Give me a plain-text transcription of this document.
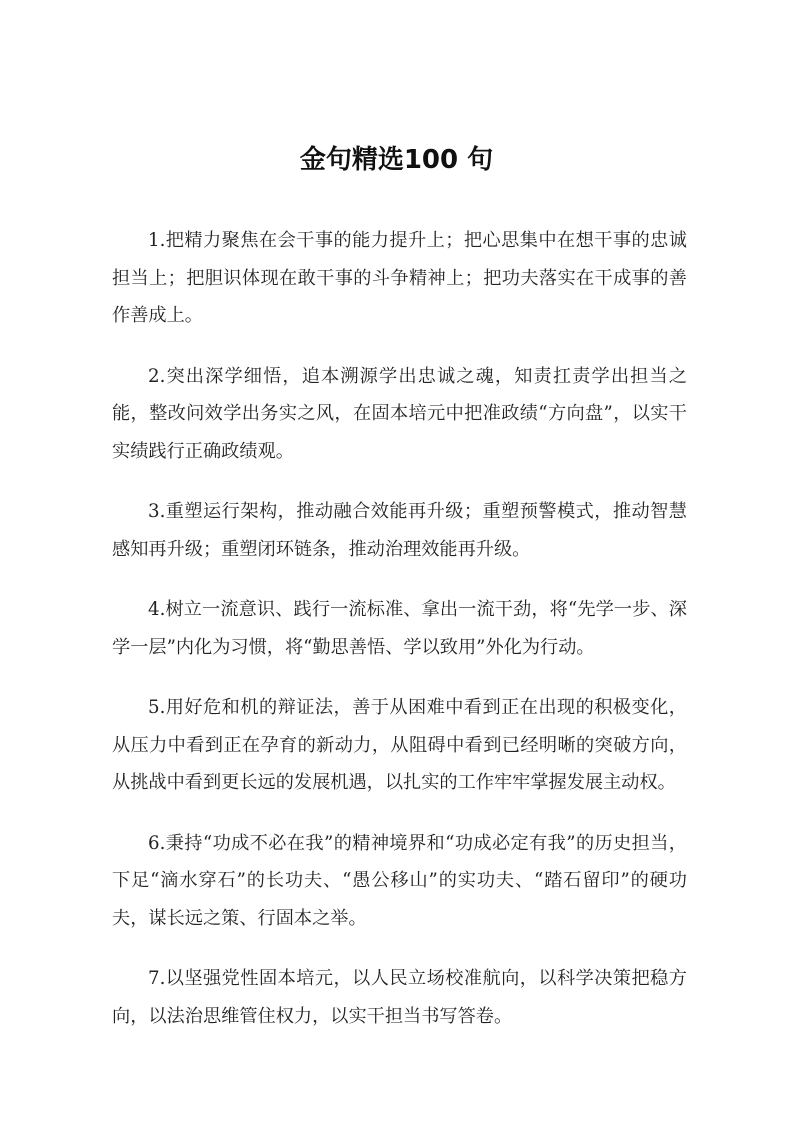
金句精选100 句

1.把精力聚焦在会干事的能力提升上；把心思集中在想干事的忠诚担当上；把胆识体现在敢干事的斗争精神上；把功夫落实在干成事的善作善成上。

2.突出深学细悟，追本溯源学出忠诚之魂，知责扛责学出担当之能，整改问效学出务实之风，在固本培元中把准政绩“方向盘”，以实干实绩践行正确政绩观。

3.重塑运行架构，推动融合效能再升级；重塑预警模式，推动智慧感知再升级；重塑闭环链条，推动治理效能再升级。

4.树立一流意识、践行一流标准、拿出一流干劲，将“先学一步、深学一层”内化为习惯，将“勤思善悟、学以致用”外化为行动。

5.用好危和机的辩证法，善于从困难中看到正在出现的积极变化，从压力中看到正在孕育的新动力，从阻碍中看到已经明晰的突破方向，从挑战中看到更长远的发展机遇，以扎实的工作牢牢掌握发展主动权。

6.秉持“功成不必在我”的精神境界和“功成必定有我”的历史担当，下足“滴水穿石”的长功夫、“愚公移山”的实功夫、“踏石留印”的硬功夫，谋长远之策、行固本之举。

7.以坚强党性固本培元，以人民立场校准航向，以科学决策把稳方向，以法治思维管住权力，以实干担当书写答卷。
